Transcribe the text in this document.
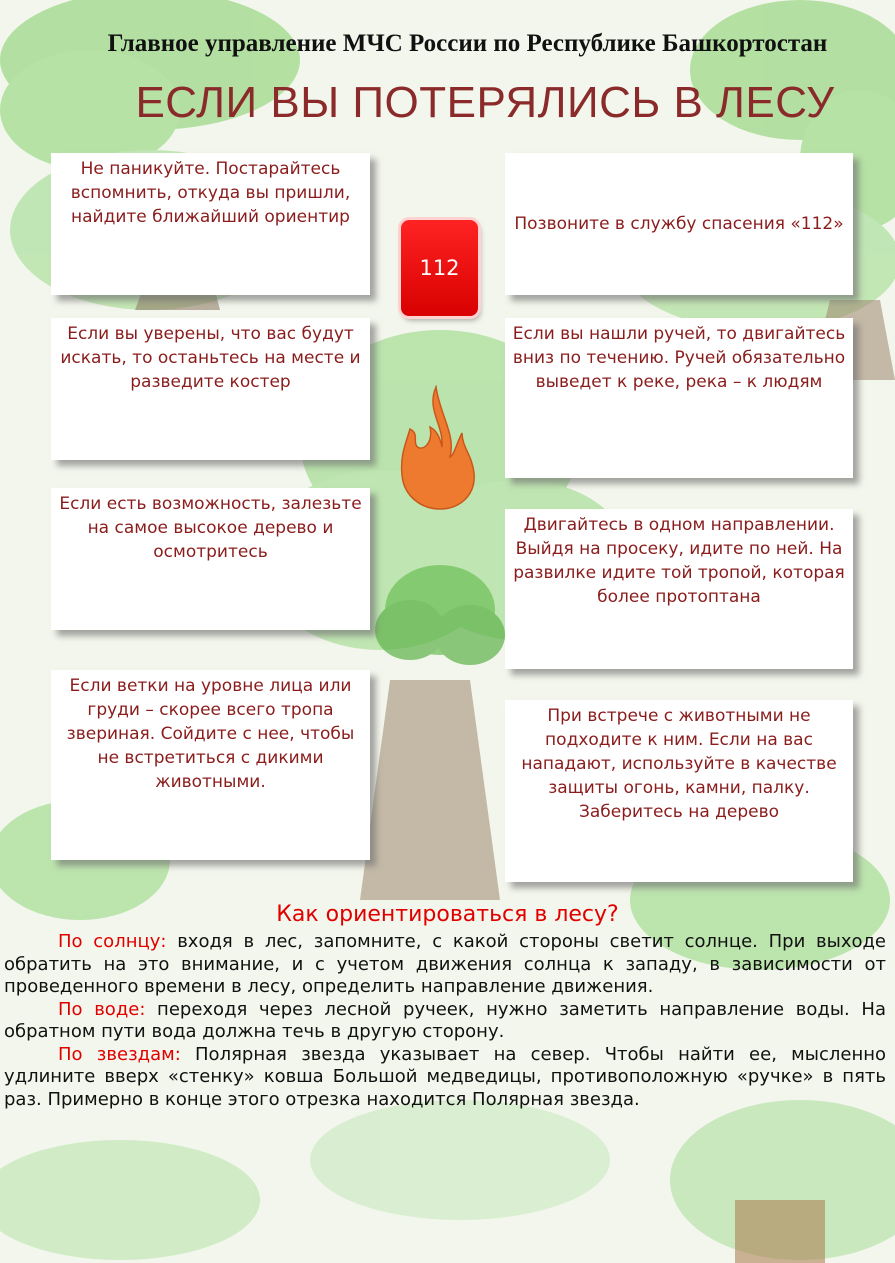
Главное управление МЧС России по Республике Башкортостан
ЕСЛИ ВЫ ПОТЕРЯЛИСЬ В ЛЕСУ
Не паникуйте. Постарайтесь вспомнить, откуда вы пришли, найдите ближайший ориентир
Если вы уверены, что вас будут искать, то останьтесь на месте и разведите костер
Если есть возможность, залезьте на самое высокое дерево и осмотритесь
Если ветки на уровне лица или груди – скорее всего тропа звериная. Сойдите с нее, чтобы не встретиться с дикими животными.
Позвоните в службу спасения «112»
Если вы нашли ручей, то двигайтесь вниз по течению. Ручей обязательно выведет к реке, река – к людям
Двигайтесь в одном направлении. Выйдя на просеку, идите по ней. На развилке идите той тропой, которая более протоптана
При встрече с животными не подходите к ним. Если на вас нападают, используйте в качестве защиты огонь, камни, палку. Заберитесь на дерево
112
Как ориентироваться в лесу?

По солнцу: входя в лес, запомните, с какой стороны светит солнце. При выходе обратить на это внимание, и с учетом движения солнца к западу, в зависимости от проведенного времени в лесу, определить направление движения.

По воде: переходя через лесной ручеек, нужно заметить направление воды. На обратном пути вода должна течь в другую сторону.

По звездам: Полярная звезда указывает на север. Чтобы найти ее, мысленно удлините вверх «стенку» ковша Большой медведицы, противоположную «ручке» в пять раз. Примерно в конце этого отрезка находится Полярная звезда.
